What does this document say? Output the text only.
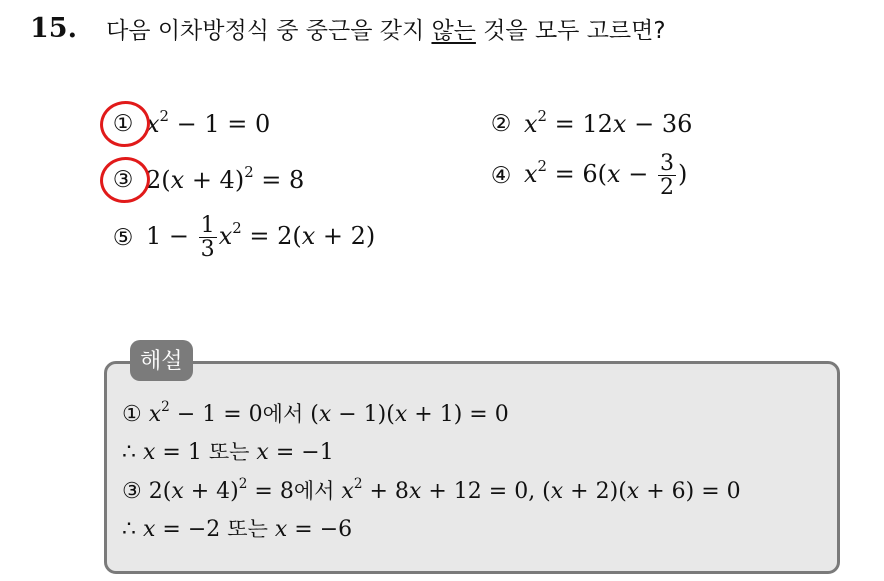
15. 다음 이차방정식 중 중근을 갖지 않는 것을 모두 고르면?
① $x^2 - 1 = 0$	② $x^2 = 12x - 36$
③ $2(x + 4)^2 = 8$	④ $x^2 = 6(x - \frac{3}{2}$ )
⑤ $1 - \frac{1}{3} x^2 = 2(x + 2)$
해설
① $x^2 - 1 = 0$에서 (x − 1)(x + 1) = 0
∴ x = 1 또는 x = −1
③ $2(x + 4)^2 = 8$에서 $x^2 + 8x + 12 = 0$, (x + 2)(x + 6) = 0
∴ x = −2 또는 x = −6
